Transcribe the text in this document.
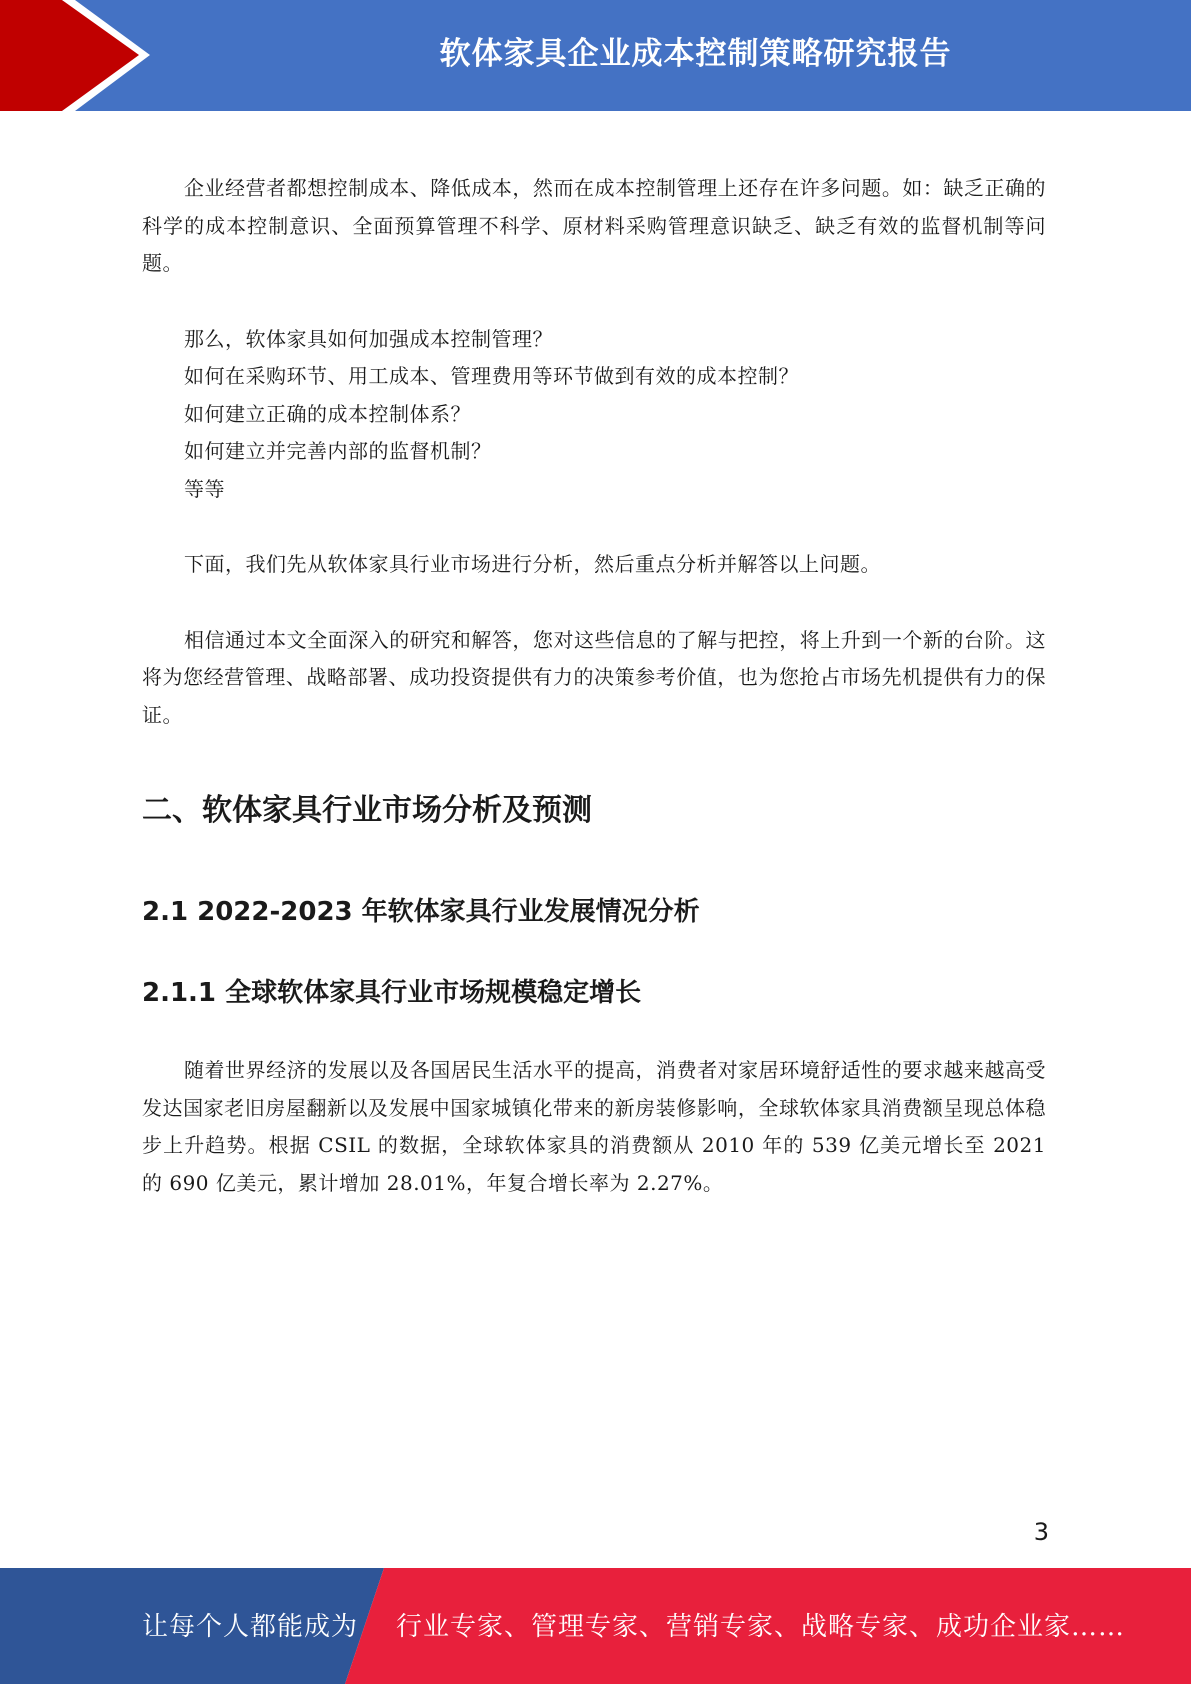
软体家具企业成本控制策略研究报告

企业经营者都想控制成本、降低成本，然而在成本控制管理上还存在许多问题。如：缺乏正确的科学的成本控制意识、全面预算管理不科学、原材料采购管理意识缺乏、缺乏有效的监督机制等问题。

那么，软体家具如何加强成本控制管理？
如何在采购环节、用工成本、管理费用等环节做到有效的成本控制？
如何建立正确的成本控制体系？
如何建立并完善内部的监督机制？
等等

下面，我们先从软体家具行业市场进行分析，然后重点分析并解答以上问题。

相信通过本文全面深入的研究和解答，您对这些信息的了解与把控，将上升到一个新的台阶。这将为您经营管理、战略部署、成功投资提供有力的决策参考价值，也为您抢占市场先机提供有力的保证。

二、软体家具行业市场分析及预测
2.1 2022-2023 年软体家具行业发展情况分析
2.1.1 全球软体家具行业市场规模稳定增长

随着世界经济的发展以及各国居民生活水平的提高，消费者对家居环境舒适性的要求越来越高受发达国家老旧房屋翻新以及发展中国家城镇化带来的新房装修影响，全球软体家具消费额呈现总体稳步上升趋势。根据 CSIL 的数据，全球软体家具的消费额从 2010 年的 539 亿美元增长至 2021 的 690 亿美元，累计增加 28.01%，年复合增长率为 2.27%。

3
让每个人都能成为 行业专家、管理专家、营销专家、战略专家、成功企业家……
